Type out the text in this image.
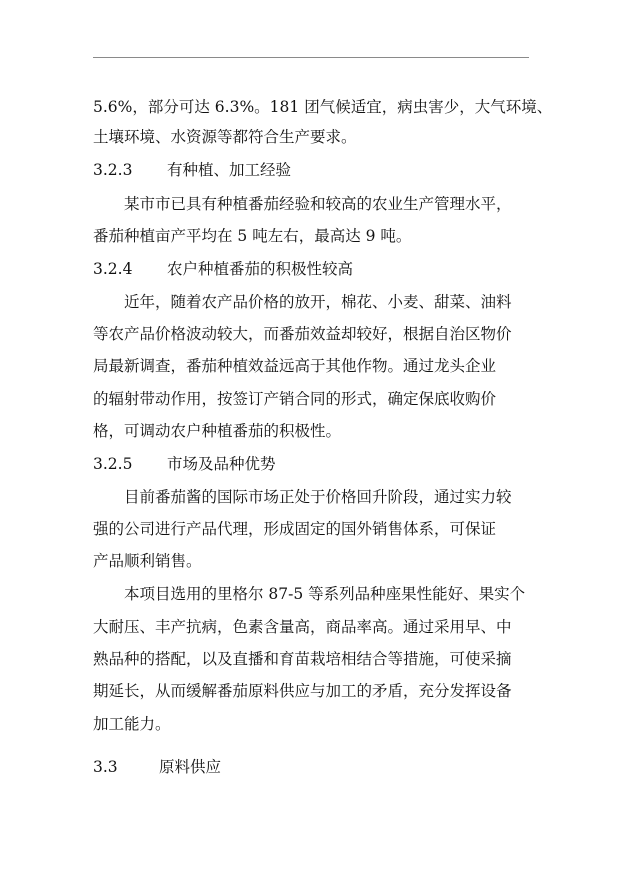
5.6%，部分可达 6.3%。181 团气候适宜，病虫害少，大气环境、
土壤环境、水资源等都符合生产要求。
3.2.3 有种植、加工经验
某市市已具有种植番茄经验和较高的农业生产管理水平，
番茄种植亩产平均在 5 吨左右，最高达 9 吨。
3.2.4 农户种植番茄的积极性较高
近年，随着农产品价格的放开，棉花、小麦、甜菜、油料
等农产品价格波动较大，而番茄效益却较好，根据自治区物价
局最新调查，番茄种植效益远高于其他作物。通过龙头企业
的辐射带动作用，按签订产销合同的形式，确定保底收购价
格，可调动农户种植番茄的积极性。
3.2.5 市场及品种优势
目前番茄酱的国际市场正处于价格回升阶段，通过实力较
强的公司进行产品代理，形成固定的国外销售体系，可保证
产品顺利销售。
本项目选用的里格尔 87-5 等系列品种座果性能好、果实个
大耐压、丰产抗病，色素含量高，商品率高。通过采用早、中
熟品种的搭配，以及直播和育苗栽培相结合等措施，可使采摘
期延长，从而缓解番茄原料供应与加工的矛盾，充分发挥设备
加工能力。
3.3	原料供应
